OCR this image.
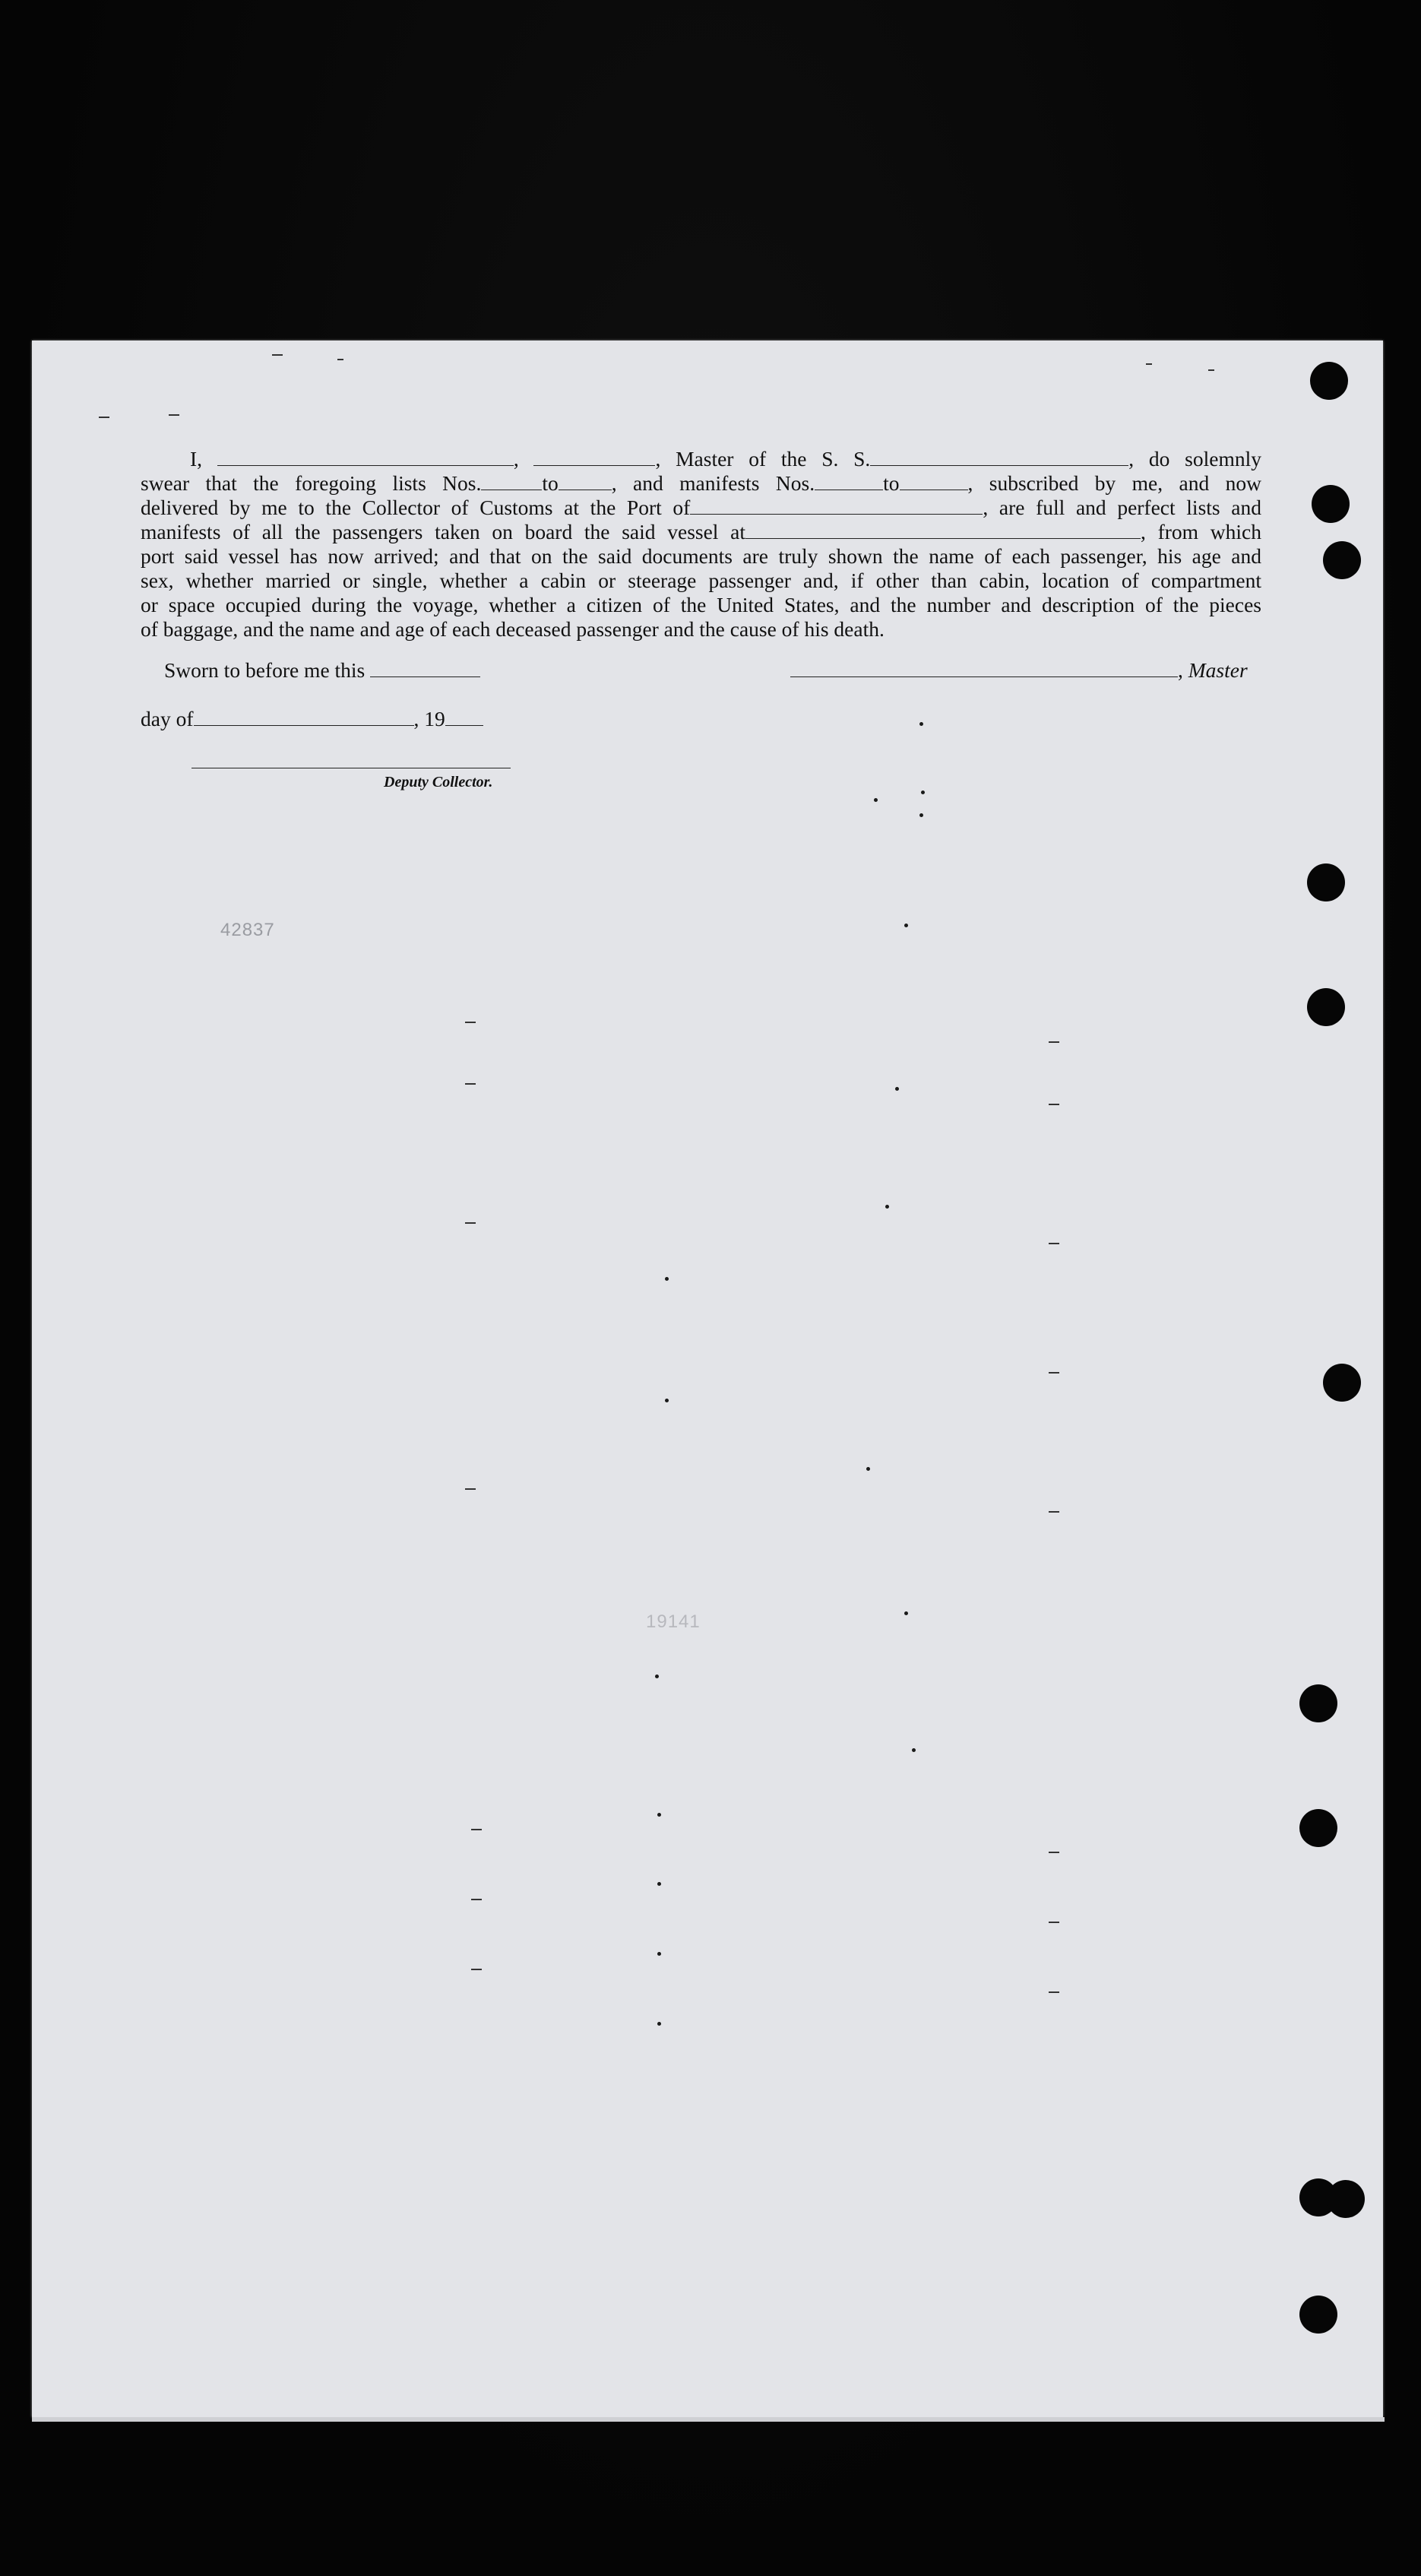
I,	,	, Master of the S. S.	, do solemnly
swear that the foregoing lists Nos.	to	, and manifests Nos.	to	, subscribed by me, and now
delivered by me to the Collector of Customs at the Port of	, are full and perfect lists and
manifests of all the passengers taken on board the said vessel at	, from which
port said vessel has now arrived; and that on the said documents are truly shown the name of each passenger, his age and
sex, whether married or single, whether a cabin or steerage passenger and, if other than cabin, location of compartment
or space occupied during the voyage, whether a citizen of the United States, and the number and description of the pieces
of baggage, and the name and age of each deceased passenger and the cause of his death.
Sworn to before me this	, Master
day of	, 19
Deputy Collector.
42837
19141
